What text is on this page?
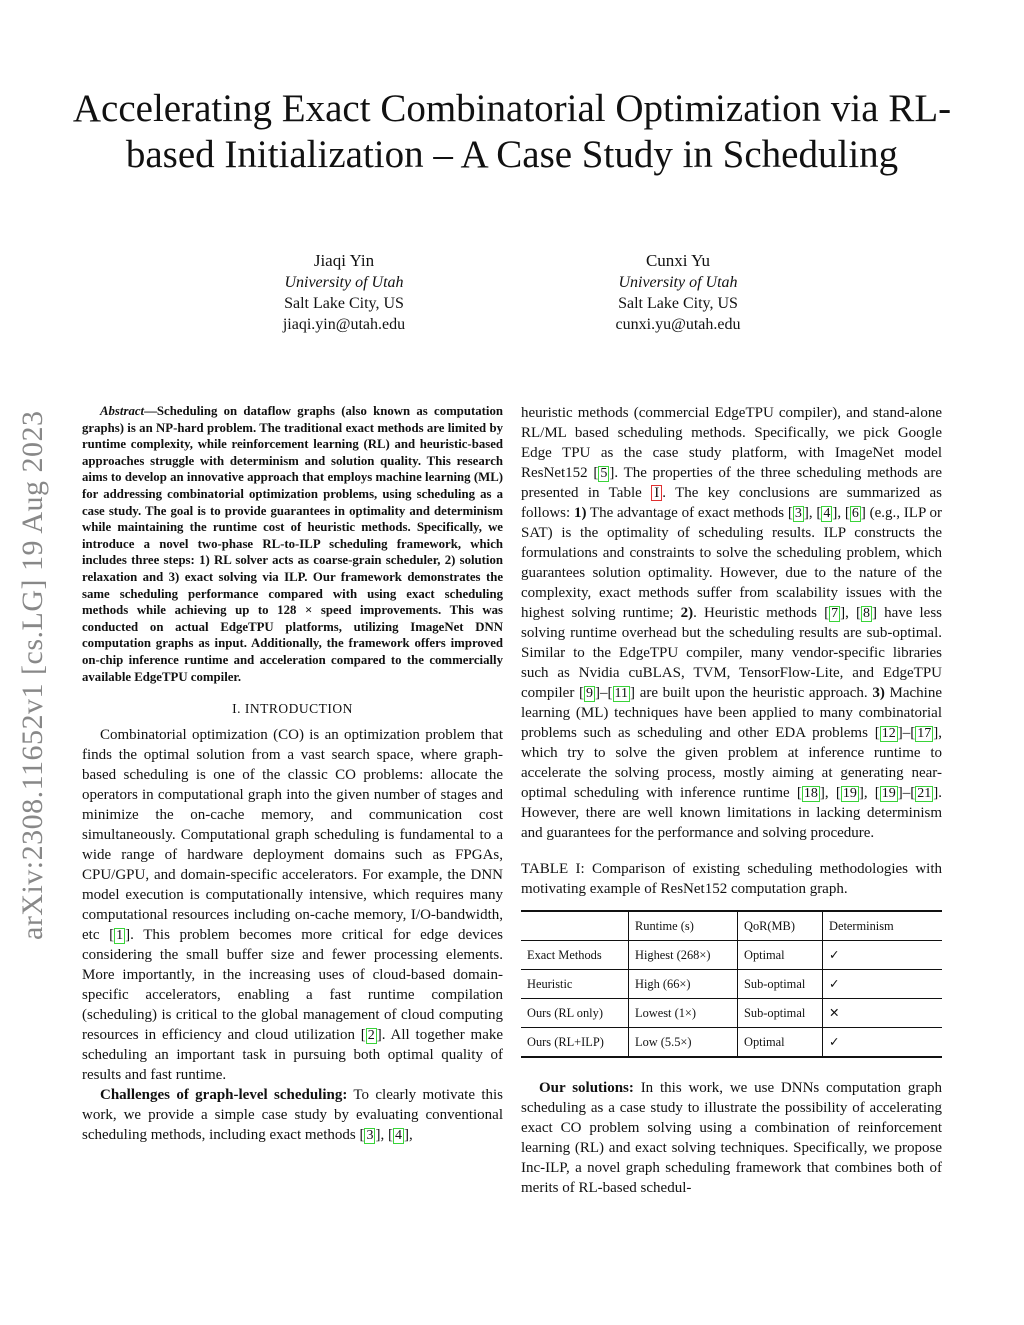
arXiv:2308.11652v1 [cs.LG] 19 Aug 2023
Accelerating Exact Combinatorial Optimization via RL-based Initialization – A Case Study in Scheduling
Jiaqi Yin
University of Utah
Salt Lake City, US
jiaqi.yin@utah.edu
Cunxi Yu
University of Utah
Salt Lake City, US
cunxi.yu@utah.edu

Abstract—Scheduling on dataflow graphs (also known as computation graphs) is an NP-hard problem. The traditional exact methods are limited by runtime complexity, while reinforcement learning (RL) and heuristic-based approaches struggle with determinism and solution quality. This research aims to develop an innovative approach that employs machine learning (ML) for addressing combinatorial optimization problems, using scheduling as a case study. The goal is to provide guarantees in optimality and determinism while maintaining the runtime cost of heuristic methods. Specifically, we introduce a novel two-phase RL-to-ILP scheduling framework, which includes three steps: 1) RL solver acts as coarse-grain scheduler, 2) solution relaxation and 3) exact solving via ILP. Our framework demonstrates the same scheduling performance compared with using exact scheduling methods while achieving up to 128 × speed improvements. This was conducted on actual EdgeTPU platforms, utilizing ImageNet DNN computation graphs as input. Additionally, the framework offers improved on-chip inference runtime and acceleration compared to the commercially available EdgeTPU compiler.

I. INTRODUCTION

Combinatorial optimization (CO) is an optimization problem that finds the optimal solution from a vast search space, where graph-based scheduling is one of the classic CO problems: allocate the operators in computational graph into the given number of stages and minimize the on-cache memory, and communication cost simultaneously. Computational graph scheduling is fundamental to a wide range of hardware deployment domains such as FPGAs, CPU/GPU, and domain-specific accelerators. For example, the DNN model execution is computationally intensive, which requires many computational resources including on-cache memory, I/O-bandwidth, etc [ 1 ]. This problem becomes more critical for edge devices considering the small buffer size and fewer processing elements. More importantly, in the increasing uses of cloud-based domain-specific accelerators, enabling a fast runtime compilation (scheduling) is critical to the global management of cloud computing resources in efficiency and cloud utilization [ 2 ]. All together make scheduling an important task in pursuing both optimal quality of results and fast runtime.

Challenges of graph-level scheduling: To clearly motivate this work, we provide a simple case study by evaluating conventional scheduling methods, including exact methods [ 3 ], [ 4 ],

heuristic methods (commercial EdgeTPU compiler), and stand-alone RL/ML based scheduling methods. Specifically, we pick Google Edge TPU as the case study platform, with ImageNet model ResNet152 [ 5 ]. The properties of the three scheduling methods are presented in Table I . The key conclusions are summarized as follows: 1) The advantage of exact methods [ 3 ], [ 4 ], [ 6 ] (e.g., ILP or SAT) is the optimality of scheduling results. ILP constructs the formulations and constraints to solve the scheduling problem, which guarantees solution optimality. However, due to the nature of the complexity, exact methods suffer from scalability issues with the highest solving runtime; 2). Heuristic methods [ 7 ], [ 8 ] have less solving runtime overhead but the scheduling results are sub-optimal. Similar to the EdgeTPU compiler, many vendor-specific libraries such as Nvidia cuBLAS, TVM, TensorFlow-Lite, and EdgeTPU compiler [ 9 ]–[ 11 ] are built upon the heuristic approach. 3) Machine learning (ML) techniques have been applied to many combinatorial problems such as scheduling and other EDA problems [ 12 ]–[ 17 ], which try to solve the given problem at inference runtime to accelerate the solving process, mostly aiming at generating near-optimal scheduling with inference runtime [ 18 ], [ 19 ], [ 19 ]–[ 21 ]. However, there are well known limitations in lacking determinism and guarantees for the performance and solving procedure.

TABLE I: Comparison of existing scheduling methodologies with motivating example of ResNet152 computation graph.

	Runtime (s)	QoR(MB)	Determinism
Exact Methods	Highest (268×)	Optimal	✓
Heuristic	High (66×)	Sub-optimal	✓
Ours (RL only)	Lowest (1×)	Sub-optimal	✕
Ours (RL+ILP)	Low (5.5×)	Optimal	✓

Our solutions: In this work, we use DNNs computation graph scheduling as a case study to illustrate the possibility of accelerating exact CO problem solving using a combination of reinforcement learning (RL) and exact solving techniques. Specifically, we propose Inc-ILP, a novel graph scheduling framework that combines both of merits of RL-based schedul-
